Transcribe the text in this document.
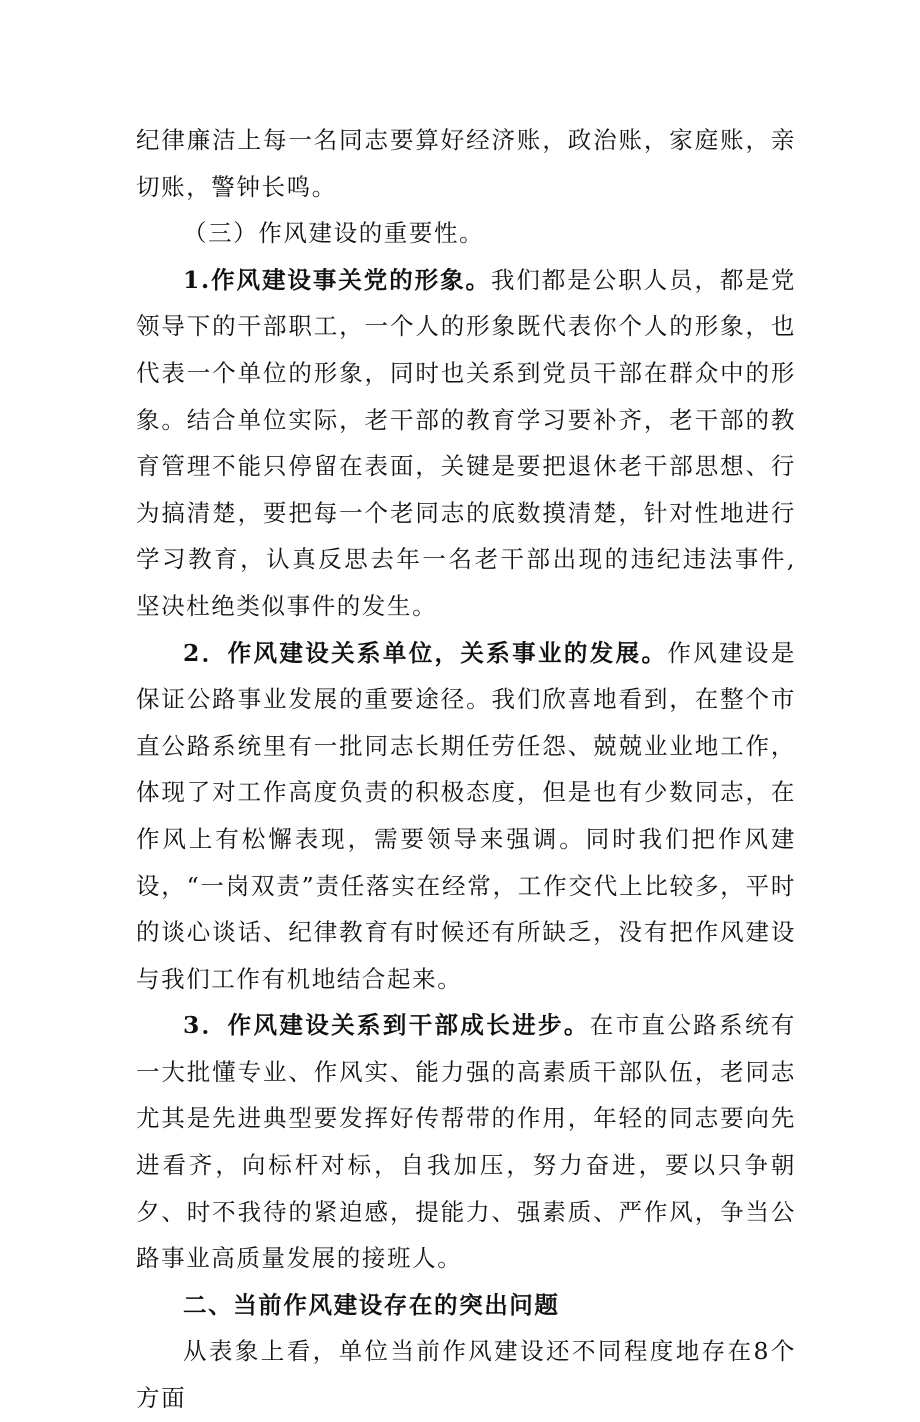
纪律廉洁上每一名同志要算好经济账，政治账，家庭账，亲切账，警钟长鸣。

（三）作风建设的重要性。

1.作风建设事关党的形象。我们都是公职人员，都是党领导下的干部职工，一个人的形象既代表你个人的形象，也代表一个单位的形象，同时也关系到党员干部在群众中的形象。结合单位实际，老干部的教育学习要补齐，老干部的教育管理不能只停留在表面，关键是要把退休老干部思想、行为搞清楚，要把每一个老同志的底数摸清楚，针对性地进行学习教育，认真反思去年一名老干部出现的违纪违法事件,坚决杜绝类似事件的发生。

2．作风建设关系单位，关系事业的发展。作风建设是保证公路事业发展的重要途径。我们欣喜地看到，在整个市直公路系统里有一批同志长期任劳任怨、兢兢业业地工作，体现了对工作高度负责的积极态度，但是也有少数同志，在作风上有松懈表现，需要领导来强调。同时我们把作风建设，“一岗双责”责任落实在经常，工作交代上比较多，平时的谈心谈话、纪律教育有时候还有所缺乏，没有把作风建设与我们工作有机地结合起来。

3．作风建设关系到干部成长进步。在市直公路系统有一大批懂专业、作风实、能力强的高素质干部队伍，老同志尤其是先进典型要发挥好传帮带的作用，年轻的同志要向先进看齐，向标杆对标，自我加压，努力奋进，要以只争朝夕、时不我待的紧迫感，提能力、强素质、严作风，争当公路事业高质量发展的接班人。

二、当前作风建设存在的突出问题

从表象上看，单位当前作风建设还不同程度地存在8个方面
